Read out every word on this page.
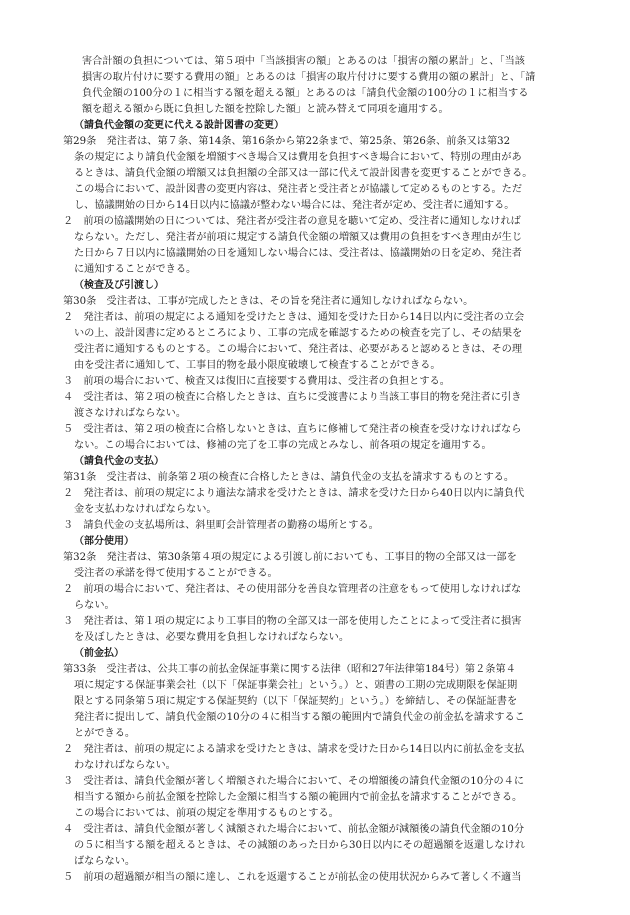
害合計額の負担については、第５項中「当該損害の額」とあるのは「損害の額の累計」と、「当該
損害の取片付けに要する費用の額」とあるのは「損害の取片付けに要する費用の額の累計」と、「請
負代金額の100分の１に相当する額を超える額」とあるのは「請負代金額の100分の１に相当する
額を超える額から既に負担した額を控除した額」と読み替えて同項を適用する。
（請負代金額の変更に代える設計図書の変更）
第29条　発注者は、第７条、第14条、第16条から第22条まで、第25条、第26条、前条又は第32
条の規定により請負代金額を増額すべき場合又は費用を負担すべき場合において、特別の理由があ
るときは、請負代金額の増額又は負担額の全部又は一部に代えて設計図書を変更することができる。
この場合において、設計図書の変更内容は、発注者と受注者とが協議して定めるものとする。ただ
し、協議開始の日から14日以内に協議が整わない場合には、発注者が定め、受注者に通知する。
２　前項の協議開始の日については、発注者が受注者の意見を聴いて定め、受注者に通知しなければ
ならない。ただし、発注者が前項に規定する請負代金額の増額又は費用の負担をすべき理由が生じ
た日から７日以内に協議開始の日を通知しない場合には、受注者は、協議開始の日を定め、発注者
に通知することができる。
（検査及び引渡し）
第30条　受注者は、工事が完成したときは、その旨を発注者に通知しなければならない。
２　発注者は、前項の規定による通知を受けたときは、通知を受けた日から14日以内に受注者の立会
いの上、設計図書に定めるところにより、工事の完成を確認するための検査を完了し、その結果を
受注者に通知するものとする。この場合において、発注者は、必要があると認めるときは、その理
由を受注者に通知して、工事目的物を最小限度破壊して検査することができる。
３　前項の場合において、検査又は復旧に直接要する費用は、受注者の負担とする。
４　受注者は、第２項の検査に合格したときは、直ちに受渡書により当該工事目的物を発注者に引き
渡さなければならない。
５　受注者は、第２項の検査に合格しないときは、直ちに修補して発注者の検査を受けなければなら
ない。この場合においては、修補の完了を工事の完成とみなし、前各項の規定を適用する。
（請負代金の支払）
第31条　受注者は、前条第２項の検査に合格したときは、請負代金の支払を請求するものとする。
２　発注者は、前項の規定により適法な請求を受けたときは、請求を受けた日から40日以内に請負代
金を支払わなければならない。
３　請負代金の支払場所は、斜里町会計管理者の勤務の場所とする。
（部分使用）
第32条　発注者は、第30条第４項の規定による引渡し前においても、工事目的物の全部又は一部を
受注者の承諾を得て使用することができる。
２　前項の場合において、発注者は、その使用部分を善良な管理者の注意をもって使用しなければな
らない。
３　発注者は、第１項の規定により工事目的物の全部又は一部を使用したことによって受注者に損害
を及ぼしたときは、必要な費用を負担しなければならない。
（前金払）
第33条　受注者は、公共工事の前払金保証事業に関する法律（昭和27年法律第184号）第２条第４
項に規定する保証事業会社（以下「保証事業会社」という。）と、頭書の工期の完成期限を保証期
限とする同条第５項に規定する保証契約（以下「保証契約」という。）を締結し、その保証証書を
発注者に提出して、請負代金額の10分の４に相当する額の範囲内で請負代金の前金払を請求するこ
とができる。
２　発注者は、前項の規定による請求を受けたときは、請求を受けた日から14日以内に前払金を支払
わなければならない。
３　受注者は、請負代金額が著しく増額された場合において、その増額後の請負代金額の10分の４に
相当する額から前払金額を控除した金額に相当する額の範囲内で前金払を請求することができる。
この場合においては、前項の規定を準用するものとする。
４　受注者は、請負代金額が著しく減額された場合において、前払金額が減額後の請負代金額の10分
の５に相当する額を超えるときは、その減額のあった日から30日以内にその超過額を返還しなけれ
ばならない。
５　前項の超過額が相当の額に達し、これを返還することが前払金の使用状況からみて著しく不適当
